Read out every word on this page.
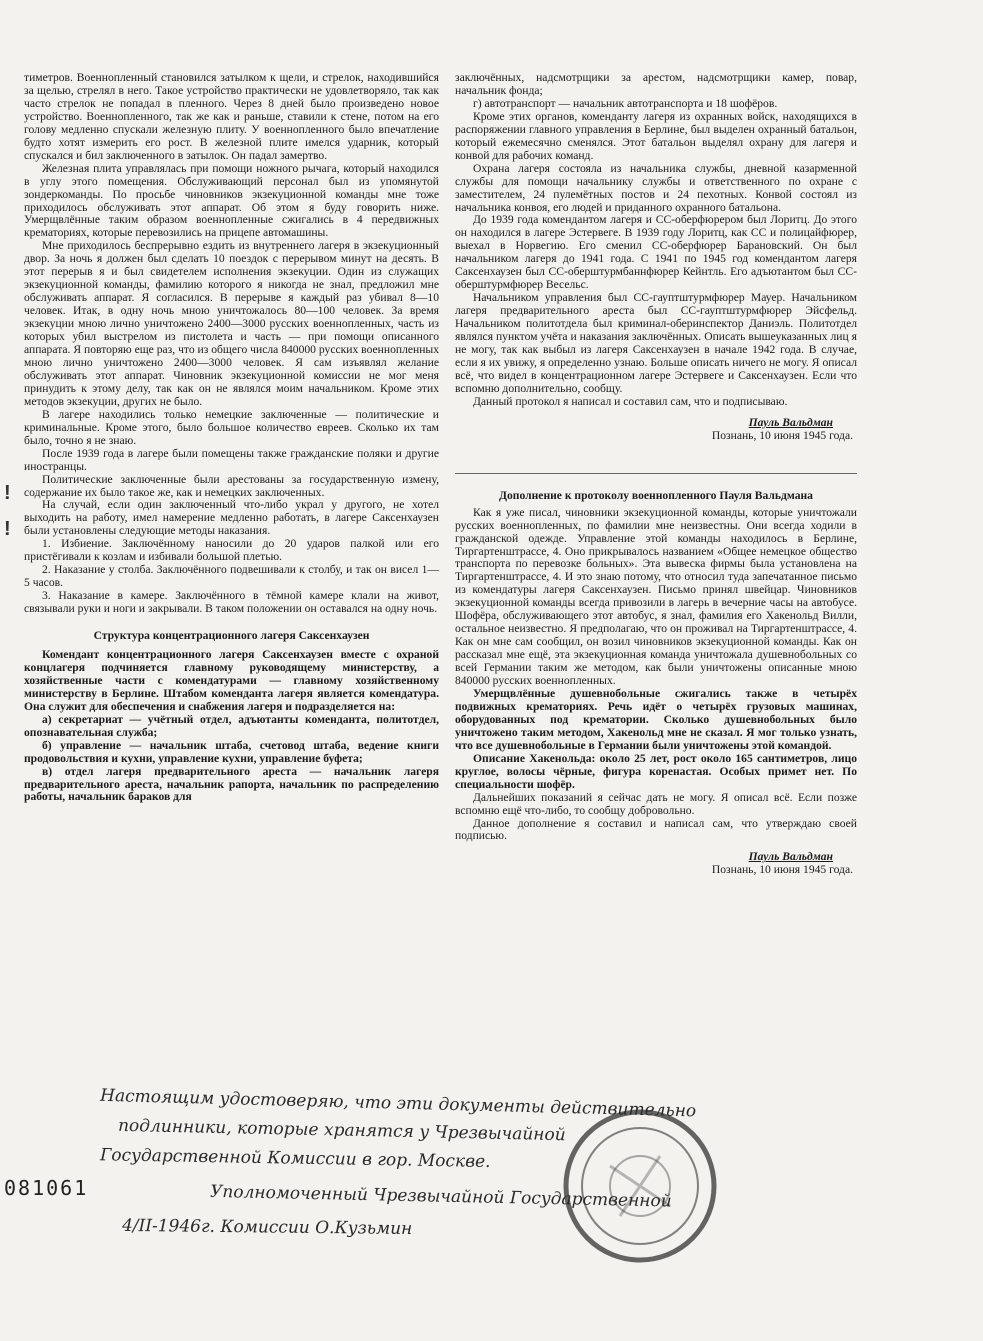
тиметров. Военнопленный становился затылком к щели, и стрелок, находившийся за щелью, стрелял в него. Такое устройство практически не удовлетворяло, так как часто стрелок не попадал в пленного. Через 8 дней было произведено новое устройство. Военнопленного, так же как и раньше, ставили к стене, потом на его голову медленно спускали железную плиту. У военнопленного было впечатление будто хотят измерить его рост. В железной плите имелся ударник, который спускался и бил заключенного в затылок. Он падал замертво.

Железная плита управлялась при помощи ножного рычага, который находился в углу этого помещения. Обслуживающий персонал был из упомянутой зондеркоманды. По просьбе чиновников экзекуционной команды мне тоже приходилось обслуживать этот аппарат. Об этом я буду говорить ниже. Умерщвлённые таким образом военнопленные сжигались в 4 передвижных крематориях, которые перевозились на прицепе автомашины.

Мне приходилось беспрерывно ездить из внутреннего лагеря в экзекуционный двор. За ночь я должен был сделать 10 поездок с перерывом минут на десять. В этот перерыв я и был свидетелем исполнения экзекуции. Один из служащих экзекуционной команды, фамилию которого я никогда не знал, предложил мне обслуживать аппарат. Я согласился. В перерыве я каждый раз убивал 8—10 человек. Итак, в одну ночь мною уничтожалось 80—100 человек. За время экзекуции мною лично уничтожено 2400—3000 русских военнопленных, часть из которых убил выстрелом из пистолета и часть — при помощи описанного аппарата. Я повторяю еще раз, что из общего числа 840000 русских военнопленных мною лично уничтожено 2400—3000 человек. Я сам изъявлял желание обслуживать этот аппарат. Чиновник экзекуционной комиссии не мог меня принудить к этому делу, так как он не являлся моим начальником. Кроме этих методов экзекуции, других не было.

В лагере находились только немецкие заключенные — политические и криминальные. Кроме этого, было большое количество евреев. Сколько их там было, точно я не знаю.

После 1939 года в лагере были помещены также гражданские поляки и другие иностранцы.

Политические заключенные были арестованы за государственную измену, содержание их было такое же, как и немецких заключенных.

На случай, если один заключенный что-либо украл у другого, не хотел выходить на работу, имел намерение медленно работать, в лагере Саксенхаузен были установлены следующие методы наказания.

1. Избиение. Заключённому наносили до 20 ударов палкой или его пристёгивали к козлам и избивали большой плетью.

2. Наказание у столба. Заключённого подвешивали к столбу, и так он висел 1—5 часов.

3. Наказание в камере. Заключённого в тёмной камере клали на живот, связывали руки и ноги и закрывали. В таком положении он оставался на одну ночь.

Структура концентрационного лагеря Саксенхаузен

Комендант концентрационного лагеря Саксенхаузен вместе с охраной концлагеря подчиняется главному руководящему министерству, а хозяйственные части с комендатурами — главному хозяйственному министерству в Берлине. Штабом коменданта лагеря является комендатура. Она служит для обеспечения и снабжения лагеря и подразделяется на:

а) секретариат — учётный отдел, адъютанты коменданта, политотдел, опознавательная служба;

б) управление — начальник штаба, счетовод штаба, ведение книги продовольствия и кухни, управление кухни, управление буфета;

в) отдел лагеря предварительного ареста — начальник лагеря предварительного ареста, начальник рапорта, начальник по распределению работы, начальник бараков для

заключённых, надсмотрщики за арестом, надсмотрщики камер, повар, начальник фонда;

г) автотранспорт — начальник автотранспорта и 18 шофёров.

Кроме этих органов, коменданту лагеря из охранных войск, находящихся в распоряжении главного управления в Берлине, был выделен охранный батальон, который ежемесячно сменялся. Этот батальон выделял охрану для лагеря и конвой для рабочих команд.

Охрана лагеря состояла из начальника службы, дневной казарменной службы для помощи начальнику службы и ответственного по охране с заместителем, 24 пулемётных постов и 24 пехотных. Конвой состоял из начальника конвоя, его людей и приданного охранного батальона.

До 1939 года комендантом лагеря и СС-оберфюрером был Лоритц. До этого он находился в лагере Эстервеге. В 1939 году Лоритц, как СС и полицайфюрер, выехал в Норвегию. Его сменил СС-оберфюрер Барановский. Он был начальником лагеря до 1941 года. С 1941 по 1945 год комендантом лагеря Саксенхаузен был СС-оберштурмбаннфюрер Кейнтль. Его адъютантом был СС-оберштурмфюрер Весельс.

Начальником управления был СС-гауптштурмфюрер Мауер. Начальником лагеря предварительного ареста был СС-гауптштурмфюрер Эйсфельд. Начальником политотдела был криминал-оберинспектор Даниэль. Политотдел являлся пунктом учёта и наказания заключённых. Описать вышеуказанных лиц я не могу, так как выбыл из лагеря Саксенхаузен в начале 1942 года. В случае, если я их увижу, я определенно узнаю. Больше описать ничего не могу. Я описал всё, что видел в концентрационном лагере Эстервеге и Саксенхаузен. Если что вспомню дополнительно, сообщу.

Данный протокол я написал и составил сам, что и подписываю.

Пауль Вальдман
Познань, 10 июня 1945 года.
Дополнение к протоколу военнопленного Пауля Вальдмана

Как я уже писал, чиновники экзекуционной команды, которые уничтожали русских военнопленных, по фамилии мне неизвестны. Они всегда ходили в гражданской одежде. Управление этой команды находилось в Берлине, Тиргартенштрассе, 4. Оно прикрывалось названием «Общее немецкое общество транспорта по перевозке больных». Эта вывеска фирмы была установлена на Тиргартенштрассе, 4. И это знаю потому, что относил туда запечатанное письмо из комендатуры лагеря Саксенхаузен. Письмо принял швейцар. Чиновников экзекуционной команды всегда привозили в лагерь в вечерние часы на автобусе. Шофёра, обслуживающего этот автобус, я знал, фамилия его Хакенольд Вилли, остальное неизвестно. Я предполагаю, что он проживал на Тиргартенштрассе, 4. Как он мне сам сообщил, он возил чиновников экзекуционной команды. Как он рассказал мне ещё, эта экзекуционная команда уничтожала душевнобольных со всей Германии таким же методом, как были уничтожены описанные мною 840000 русских военнопленных.

Умерщвлённые душевнобольные сжигались также в четырёх подвижных крематориях. Речь идёт о четырёх грузовых машинах, оборудованных под крематории. Сколько душевнобольных было уничтожено таким методом, Хакенольд мне не сказал. Я мог только узнать, что все душевнобольные в Германии были уничтожены этой командой.

Описание Хакенольда: около 25 лет, рост около 165 сантиметров, лицо круглое, волосы чёрные, фигура коренастая. Особых примет нет. По специальности шофёр.

Дальнейших показаний я сейчас дать не могу. Я описал всё. Если позже вспомню ещё что-либо, то сообщу добровольно.

Данное дополнение я составил и написал сам, что утверждаю своей подписью.

Пауль Вальдман
Познань, 10 июня 1945 года.
!
!
Настоящим удостоверяю, что эти документы действительно
подлинники, которые хранятся у Чрезвычайной
Государственной Комиссии в гор. Москве.
Уполномоченный Чрезвычайной Государственной
4/II-1946г. Комиссии О.Кузьмин
081061
